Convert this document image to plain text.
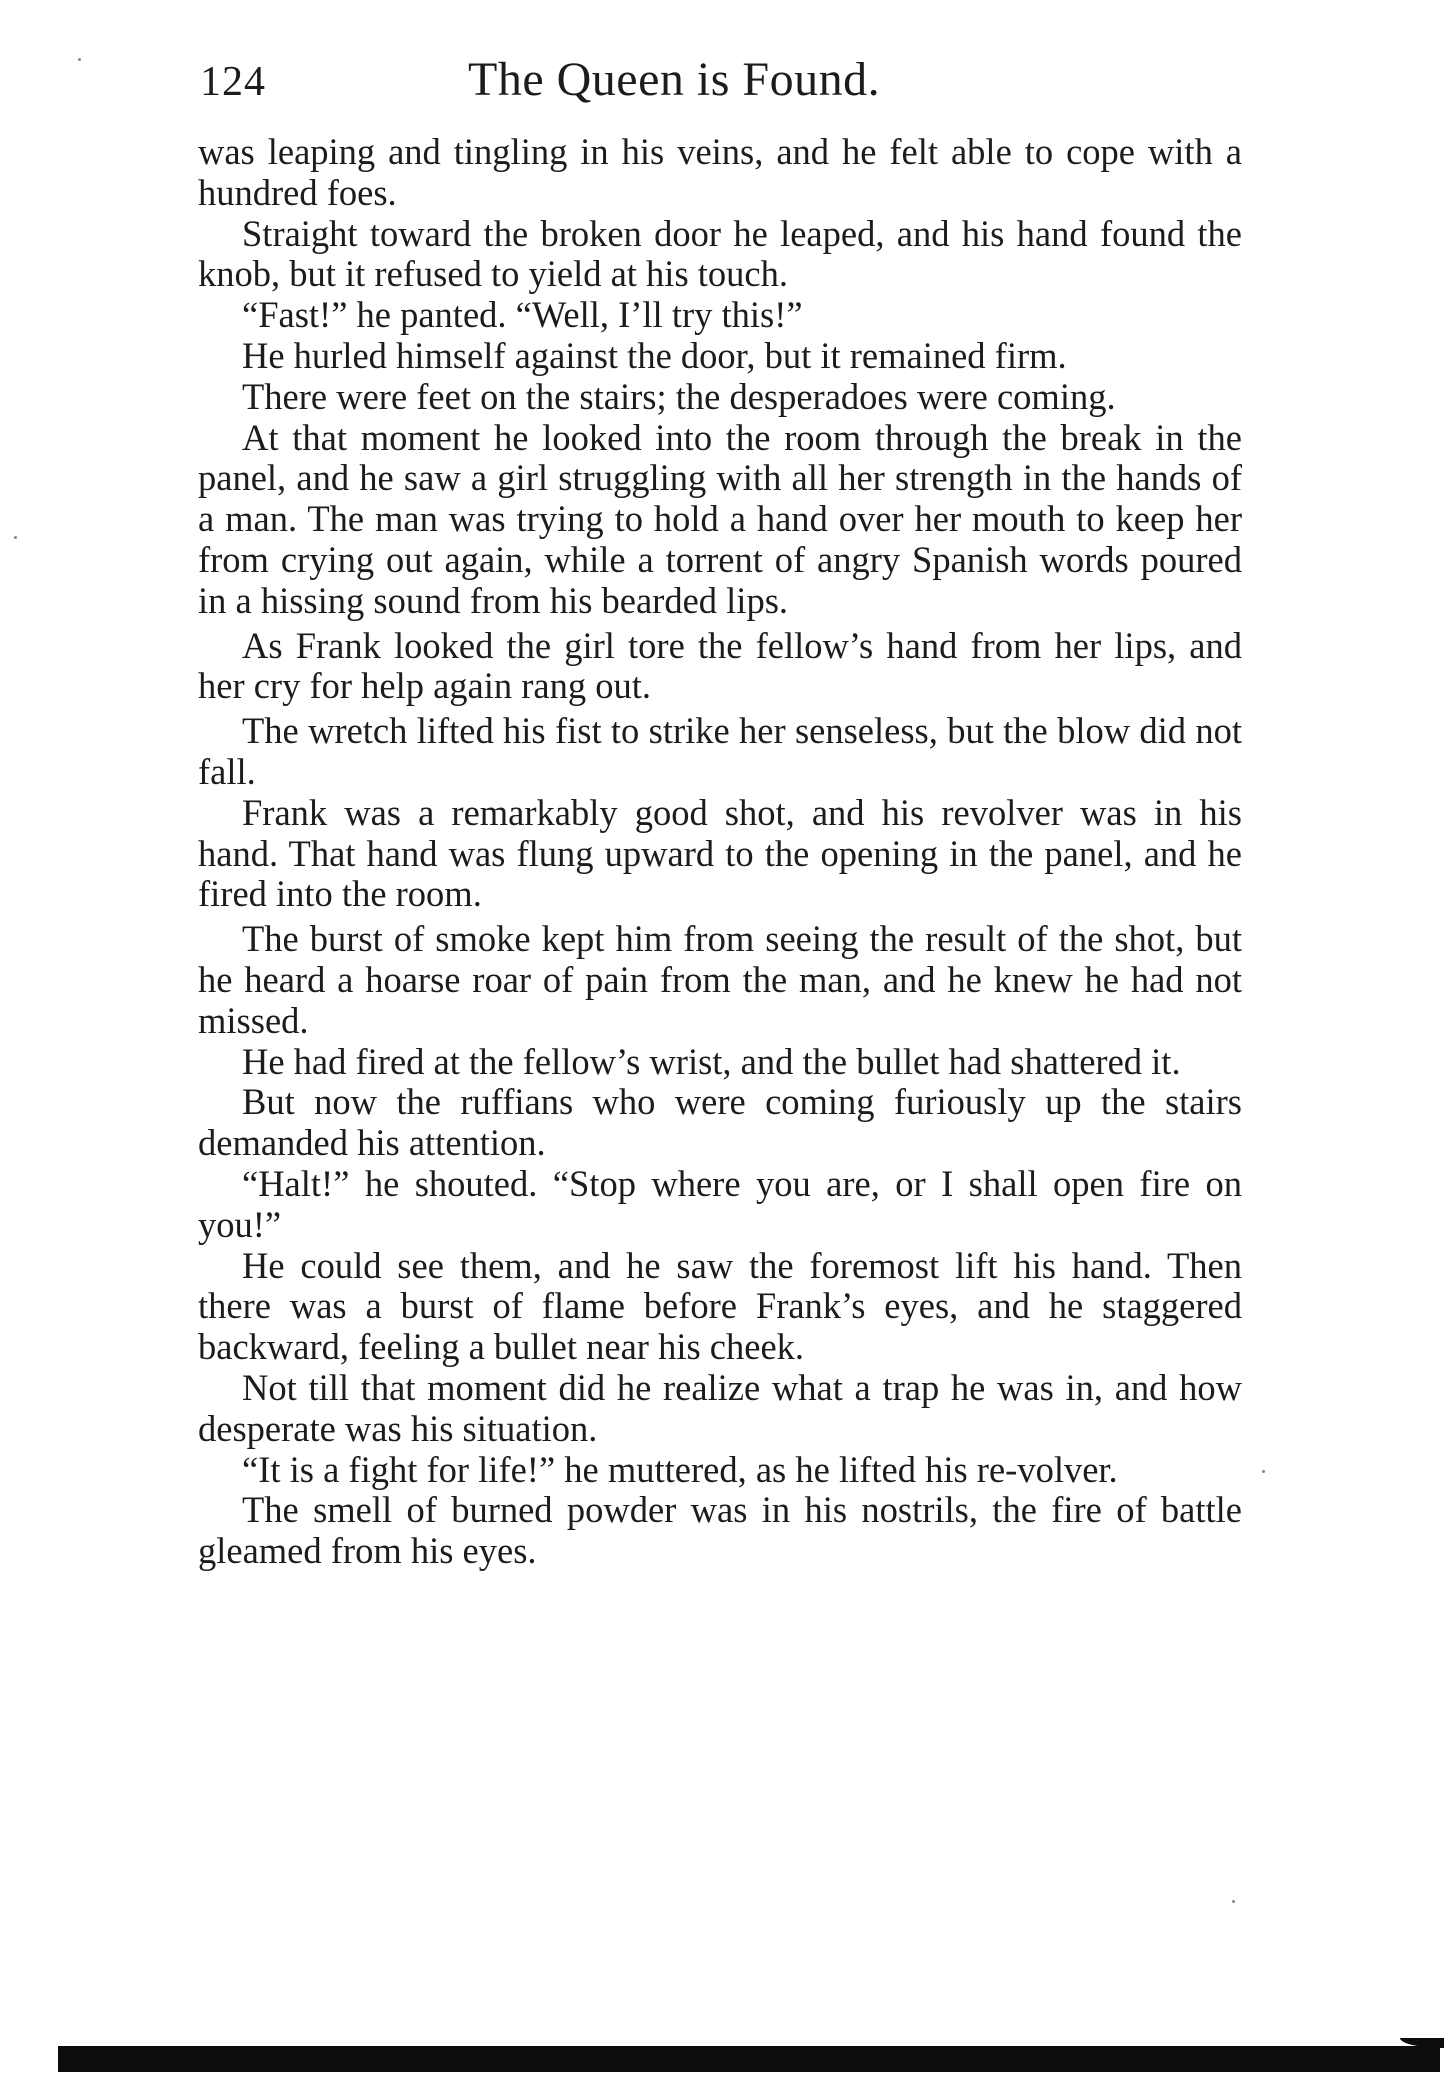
124	The Queen is Found.

was leaping and tingling in his veins, and he felt able to cope with a hundred foes.

Straight toward the broken door he leaped, and his hand found the knob, but it refused to yield at his touch.

“Fast!” he panted. “Well, I’ll try this!”

He hurled himself against the door, but it remained firm.

There were feet on the stairs; the desperadoes were coming.

At that moment he looked into the room through the break in the panel, and he saw a girl struggling with all her strength in the hands of a man. The man was trying to hold a hand over her mouth to keep her from crying out again, while a torrent of angry Spanish words poured in a hissing sound from his bearded lips.

As Frank looked the girl tore the fellow’s hand from her lips, and her cry for help again rang out.

The wretch lifted his fist to strike her senseless, but the blow did not fall.

Frank was a remarkably good shot, and his revolver was in his hand. That hand was flung upward to the opening in the panel, and he fired into the room.

The burst of smoke kept him from seeing the result of the shot, but he heard a hoarse roar of pain from the man, and he knew he had not missed.

He had fired at the fellow’s wrist, and the bullet had shattered it.

But now the ruffians who were coming furiously up the stairs demanded his attention.

“Halt!” he shouted. “Stop where you are, or I shall open fire on you!”

He could see them, and he saw the foremost lift his hand. Then there was a burst of flame before Frank’s eyes, and he staggered backward, feeling a bullet near his cheek.

Not till that moment did he realize what a trap he was in, and how desperate was his situation.

“It is a fight for life!” he muttered, as he lifted his re-volver.

The smell of burned powder was in his nostrils, the fire of battle gleamed from his eyes.
